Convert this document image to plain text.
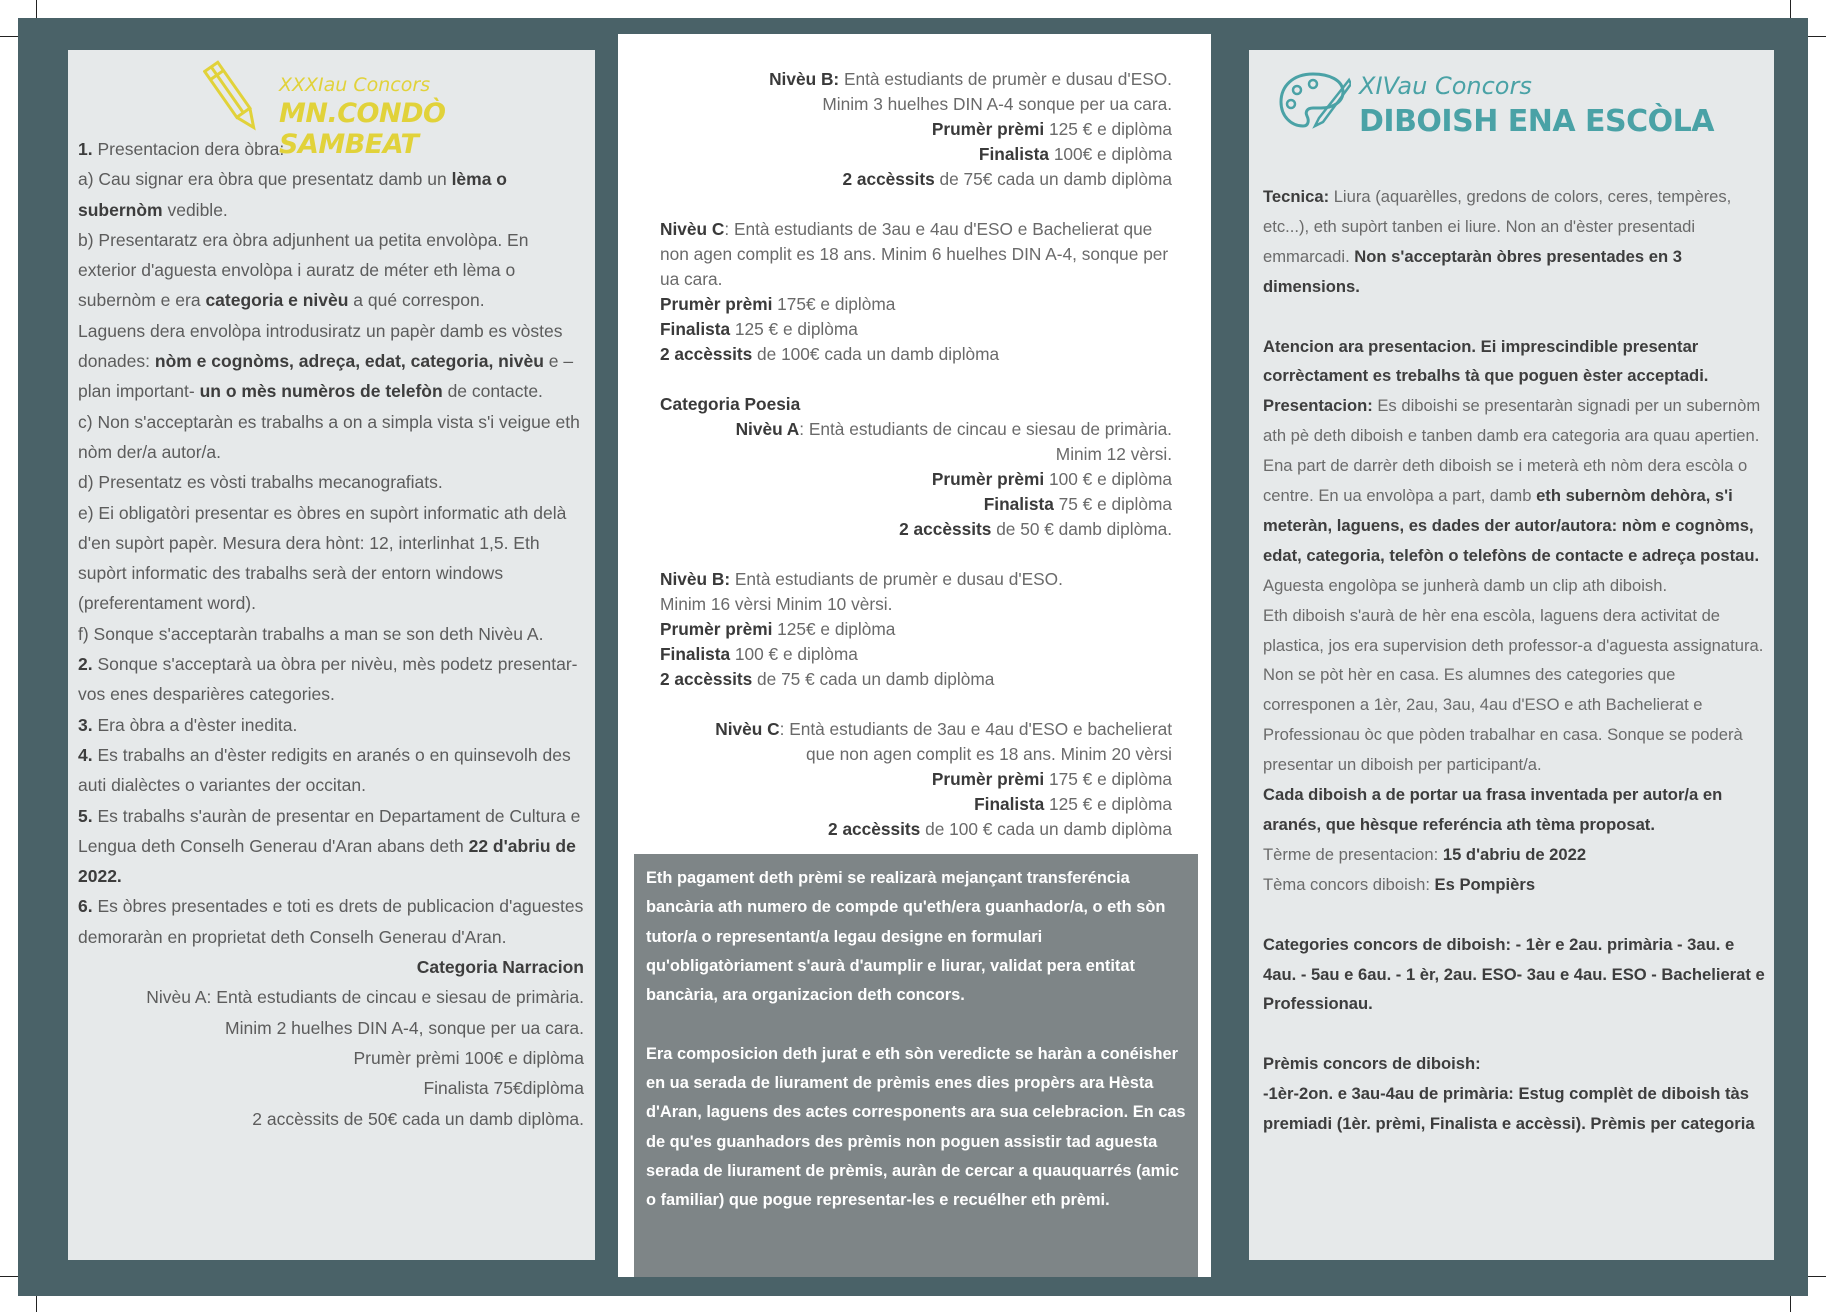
XXXIau Concors
MN.CONDÒ SAMBEAT

1. Presentacion dera òbra:

a) Cau signar era òbra que presentatz damb un lèma o subernòm vedible.

b) Presentaratz era òbra adjunhent ua petita envolòpa. En exterior d'aguesta envolòpa i auratz de méter eth lèma o subernòm e era categoria e nivèu a qué correspon.

Laguens dera envolòpa introdusiratz un papèr damb es vòstes donades: nòm e cognòms, adreça, edat, categoria, nivèu e –plan important- un o mès numèros de telefòn de contacte.

c) Non s'acceptaràn es trabalhs a on a simpla vista s'i veigue eth nòm der/a autor/a.

d) Presentatz es vòsti trabalhs mecanografiats.

e) Ei obligatòri presentar es òbres en supòrt informatic ath delà d'en supòrt papèr. Mesura dera hònt: 12, interlinhat 1,5. Eth supòrt informatic des trabalhs serà der entorn windows (preferentament word).

f) Sonque s'acceptaràn trabalhs a man se son deth Nivèu A.

2. Sonque s'acceptarà ua òbra per nivèu, mès podetz presentar-vos enes desparières categories.

3. Era òbra a d'èster inedita.

4. Es trabalhs an d'èster redigits en aranés o en quinsevolh des auti dialèctes o variantes der occitan.

5. Es trabalhs s'auràn de presentar en Departament de Cultura e Lengua deth Conselh Generau d'Aran abans deth 22 d'abriu de 2022.

6. Es òbres presentades e toti es drets de publicacion d'aguestes demoraràn en proprietat deth Conselh Generau d'Aran.

Categoria Narracion

Nivèu A: Entà estudiants de cincau e siesau de primària.

Minim 2 huelhes DIN A-4, sonque per ua cara.

Prumèr prèmi 100€ e diplòma

Finalista 75€diplòma

2 accèssits de 50€ cada un damb diplòma.

Nivèu B: Entà estudiants de prumèr e dusau d'ESO.
Minim 3 huelhes DIN A-4 sonque per ua cara.
Prumèr prèmi 125 € e diplòma
Finalista 100€ e diplòma
2 accèssits de 75€ cada un damb diplòma
Nivèu C: Entà estudiants de 3au e 4au d'ESO e Bachelierat que non agen complit es 18 ans. Minim 6 huelhes DIN A-4, sonque per ua cara.
Prumèr prèmi 175€ e diplòma
Finalista 125 € e diplòma
2 accèssits de 100€ cada un damb diplòma
Categoria Poesia
Nivèu A: Entà estudiants de cincau e siesau de primària.
Minim 12 vèrsi.
Prumèr prèmi 100 € e diplòma
Finalista 75 € e diplòma
2 accèssits de 50 € damb diplòma.
Nivèu B: Entà estudiants de prumèr e dusau d'ESO.
Minim 16 vèrsi Minim 10 vèrsi.
Prumèr prèmi 125€ e diplòma
Finalista 100 € e diplòma
2 accèssits de 75 € cada un damb diplòma
Nivèu C: Entà estudiants de 3au e 4au d'ESO e bachelierat
que non agen complit es 18 ans. Minim 20 vèrsi
Prumèr prèmi 175 € e diplòma
Finalista 125 € e diplòma
2 accèssits de 100 € cada un damb diplòma

Eth pagament deth prèmi se realizarà mejançant transferéncia bancària ath numero de compde qu'eth/era guanhador/a, o eth sòn tutor/a o representant/a legau designe en formulari qu'obligatòriament s'aurà d'aumplir e liurar, validat pera entitat bancària, ara organizacion deth concors.

Era composicion deth jurat e eth sòn veredicte se haràn a conéisher en ua serada de liurament de prèmis enes dies propèrs ara Hèsta d'Aran, laguens des actes corresponents ara sua celebracion. En cas de qu'es guanhadors des prèmis non poguen assistir tad aguesta serada de liurament de prèmis, auràn de cercar a quauquarrés (amic o familiar) que pogue representar-les e recuélher eth prèmi.

XIVau Concors
DIBOISH ENA ESCÒLA

Tecnica: Liura (aquarèlles, gredons de colors, ceres, tempères, etc...), eth supòrt tanben ei liure. Non an d'èster presentadi emmarcadi. Non s'acceptaràn òbres presentades en 3 dimensions.

Atencion ara presentacion. Ei imprescindible presentar corrèctament es trebalhs tà que poguen èster acceptadi.

Presentacion: Es diboishi se presentaràn signadi per un subernòm ath pè deth diboish e tanben damb era categoria ara quau apertien. Ena part de darrèr deth diboish se i meterà eth nòm dera escòla o centre. En ua envolòpa a part, damb eth subernòm dehòra, s'i meteràn, laguens, es dades der autor/autora: nòm e cognòms, edat, categoria, telefòn o telefòns de contacte e adreça postau. Aguesta engolòpa se junherà damb un clip ath diboish.

Eth diboish s'aurà de hèr ena escòla, laguens dera activitat de plastica, jos era supervision deth professor-a d'aguesta assignatura. Non se pòt hèr en casa. Es alumnes des categories que corresponen a 1èr, 2au, 3au, 4au d'ESO e ath Bachelierat e Professionau òc que pòden trabalhar en casa. Sonque se poderà presentar un diboish per participant/a.

Cada diboish a de portar ua frasa inventada per autor/a en aranés, que hèsque referéncia ath tèma proposat.

Tèrme de presentacion: 15 d'abriu de 2022

Tèma concors diboish: Es Pompièrs

Categories concors de diboish: - 1èr e 2au. primària - 3au. e 4au. - 5au e 6au. - 1 èr, 2au. ESO- 3au e 4au. ESO - Bachelierat e Professionau.

Prèmis concors de diboish:

-1èr-2on. e 3au-4au de primària: Estug complèt de diboish tàs premiadi (1èr. prèmi, Finalista e accèssi). Prèmis per categoria
